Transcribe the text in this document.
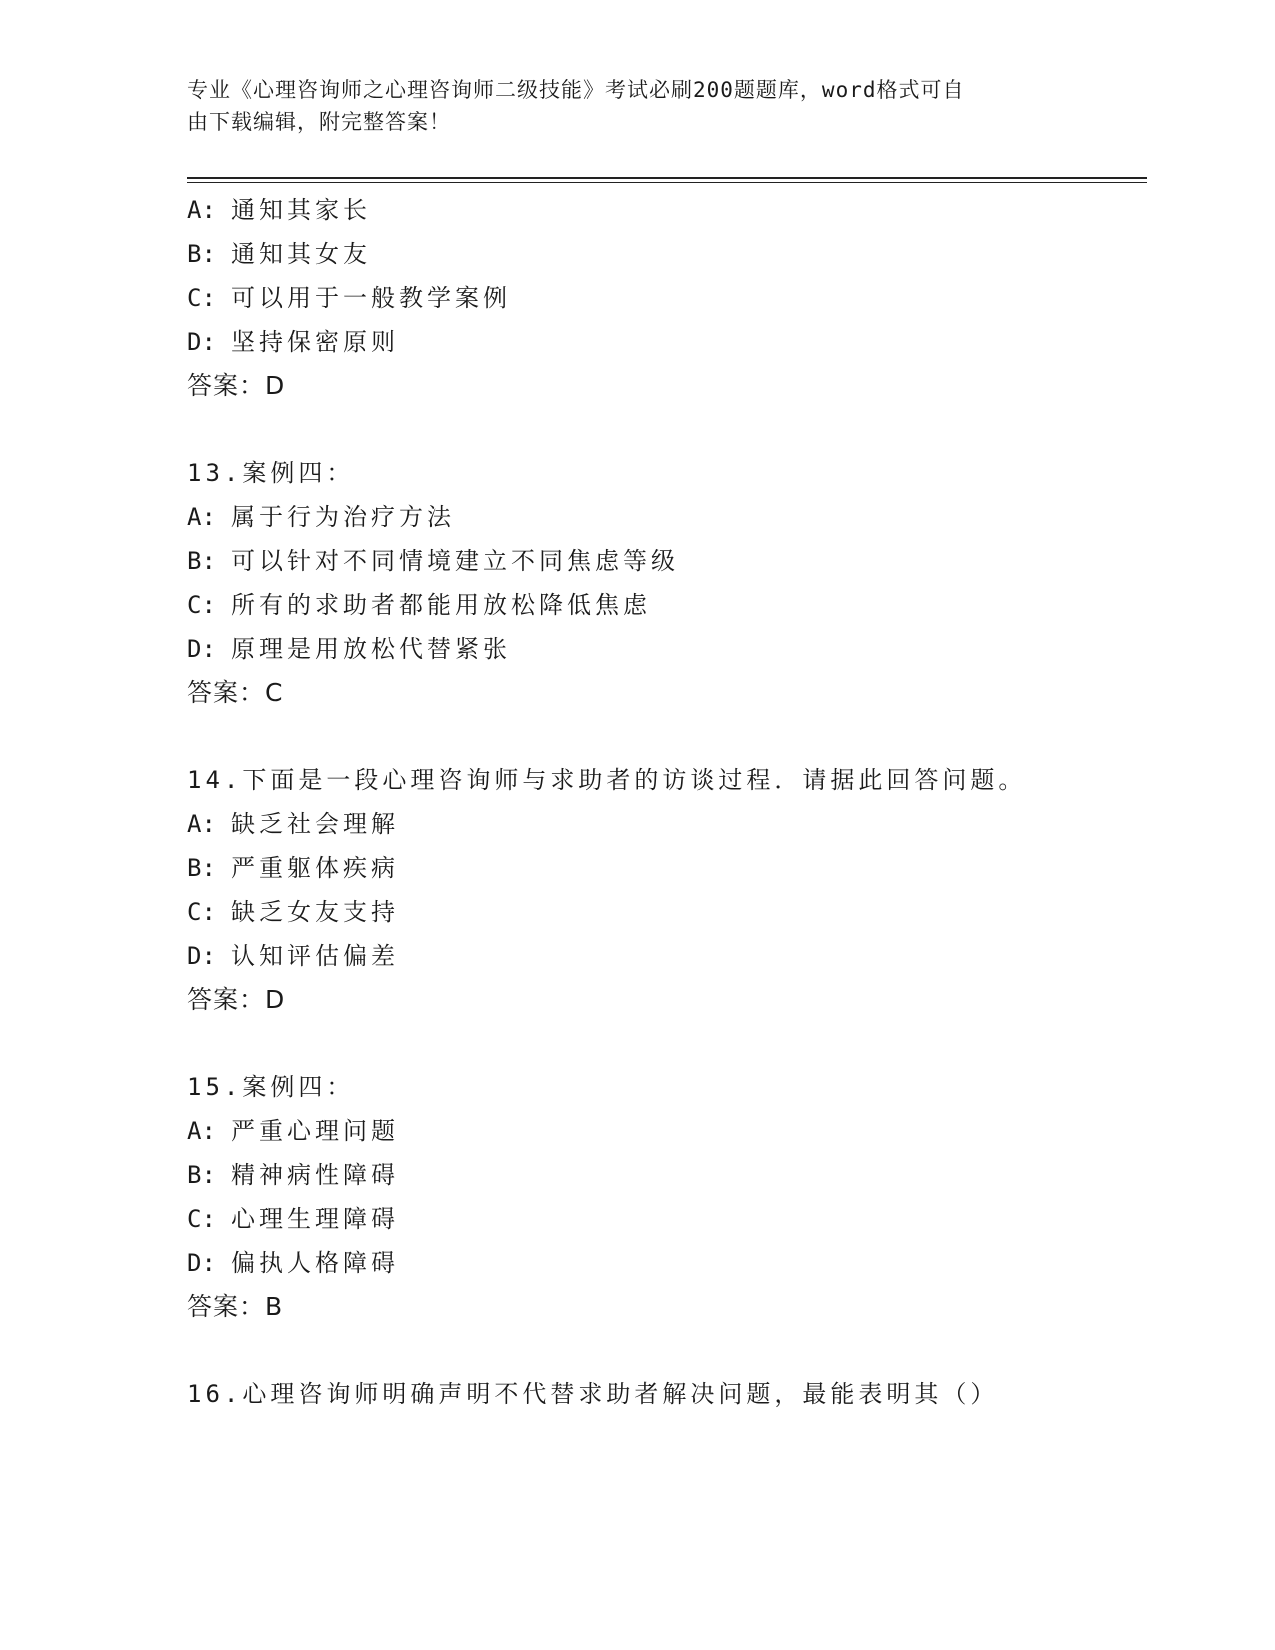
专业《心理咨询师之心理咨询师二级技能》考试必刷200题题库，word格式可自
由下载编辑，附完整答案！
A: 通知其家长
B: 通知其女友
C: 可以用于一般教学案例
D: 坚持保密原则
答案：D
13.案例四：
A: 属于行为治疗方法
B: 可以针对不同情境建立不同焦虑等级
C: 所有的求助者都能用放松降低焦虑
D: 原理是用放松代替紧张
答案：C
14.下面是一段心理咨询师与求助者的访谈过程．请据此回答问题。
A: 缺乏社会理解
B: 严重躯体疾病
C: 缺乏女友支持
D: 认知评估偏差
答案：D
15.案例四：
A: 严重心理问题
B: 精神病性障碍
C: 心理生理障碍
D: 偏执人格障碍
答案：B
16.心理咨询师明确声明不代替求助者解决问题，最能表明其（）
